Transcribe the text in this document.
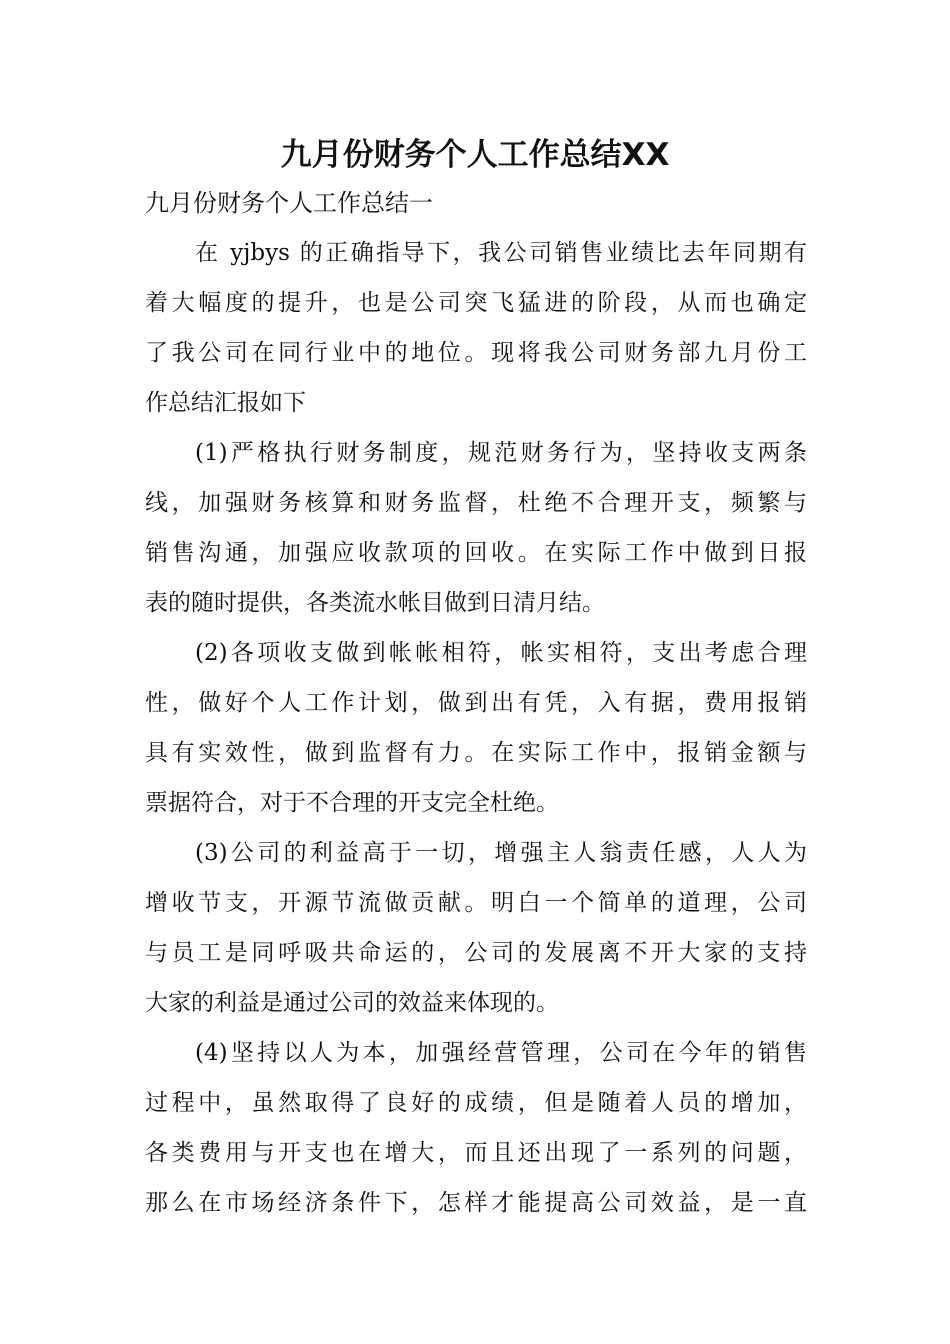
九月份财务个人工作总结XX
九月份财务个人工作总结一
在 yjbys 的正确指导下，我公司销售业绩比去年同期有
着大幅度的提升，也是公司突飞猛进的阶段，从而也确定
了我公司在同行业中的地位。现将我公司财务部九月份工
作总结汇报如下
(1)严格执行财务制度，规范财务行为，坚持收支两条
线，加强财务核算和财务监督，杜绝不合理开支，频繁与
销售沟通，加强应收款项的回收。在实际工作中做到日报
表的随时提供，各类流水帐目做到日清月结。
(2)各项收支做到帐帐相符，帐实相符，支出考虑合理
性，做好个人工作计划，做到出有凭，入有据，费用报销
具有实效性，做到监督有力。在实际工作中，报销金额与
票据符合，对于不合理的开支完全杜绝。
(3)公司的利益高于一切，增强主人翁责任感，人人为
增收节支，开源节流做贡献。明白一个简单的道理，公司
与员工是同呼吸共命运的，公司的发展离不开大家的支持
大家的利益是通过公司的效益来体现的。
(4)坚持以人为本，加强经营管理，公司在今年的销售
过程中，虽然取得了良好的成绩，但是随着人员的增加，
各类费用与开支也在增大，而且还出现了一系列的问题，
那么在市场经济条件下，怎样才能提高公司效益，是一直
